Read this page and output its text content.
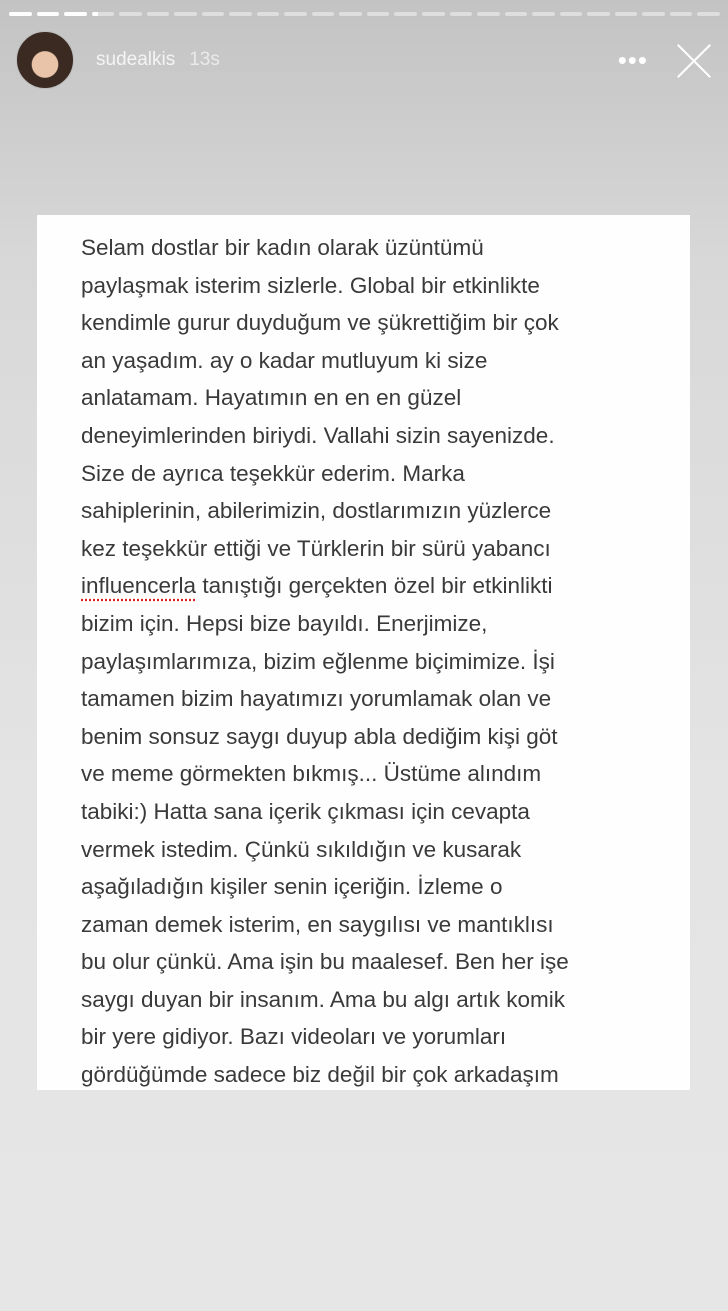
sudealkis 13s	•••
Selam dostlar bir kadın olarak üzüntümü
paylaşmak isterim sizlerle. Global bir etkinlikte
kendimle gurur duyduğum ve şükrettiğim bir çok
an yaşadım. ay o kadar mutluyum ki size
anlatamam. Hayatımın en en en güzel
deneyimlerinden biriydi. Vallahi sizin sayenizde.
Size de ayrıca teşekkür ederim. Marka
sahiplerinin, abilerimizin, dostlarımızın yüzlerce
kez teşekkür ettiği ve Türklerin bir sürü yabancı
influencerla tanıştığı gerçekten özel bir etkinlikti
bizim için. Hepsi bize bayıldı. Enerjimize,
paylaşımlarımıza, bizim eğlenme biçimimize. İşi
tamamen bizim hayatımızı yorumlamak olan ve
benim sonsuz saygı duyup abla dediğim kişi göt
ve meme görmekten bıkmış... Üstüme alındım
tabiki:) Hatta sana içerik çıkması için cevapta
vermek istedim. Çünkü sıkıldığın ve kusarak
aşağıladığın kişiler senin içeriğin. İzleme o
zaman demek isterim, en saygılısı ve mantıklısı
bu olur çünkü. Ama işin bu maalesef. Ben her işe
saygı duyan bir insanım. Ama bu algı artık komik
bir yere gidiyor. Bazı videoları ve yorumları
gördüğümde sadece biz değil bir çok arkadaşım
